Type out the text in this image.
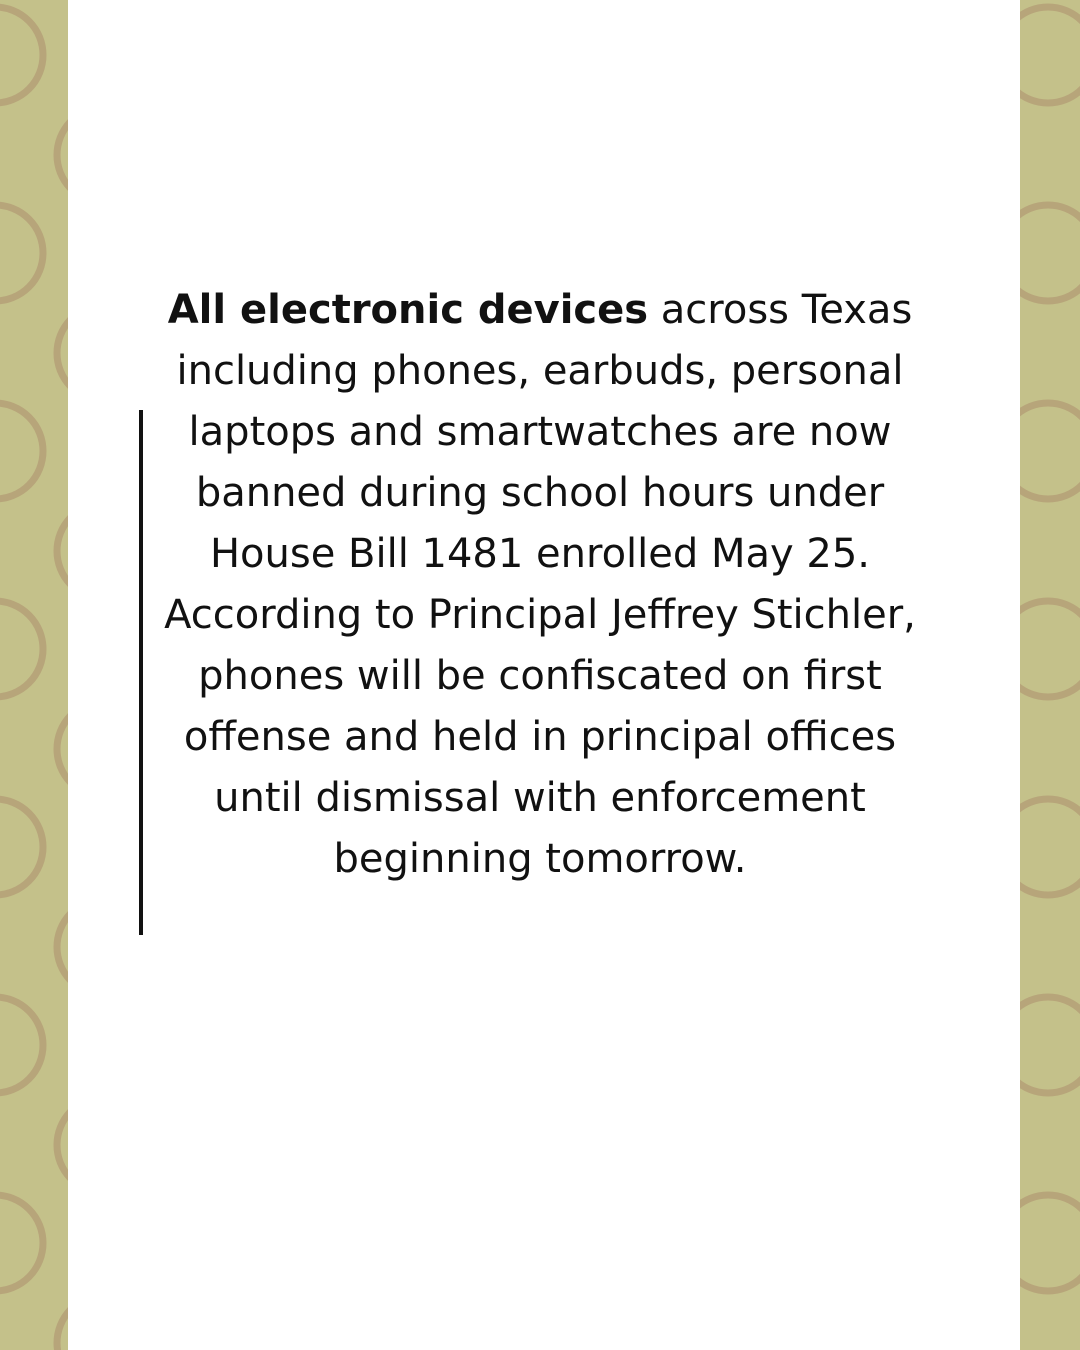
All electronic devices across Texas including phones, earbuds, personal laptops and smartwatches are now banned during school hours under House Bill 1481 enrolled May 25. According to Principal Jeffrey Stichler, phones will be confiscated on first offense and held in principal offices until dismissal with enforcement beginning tomorrow.
